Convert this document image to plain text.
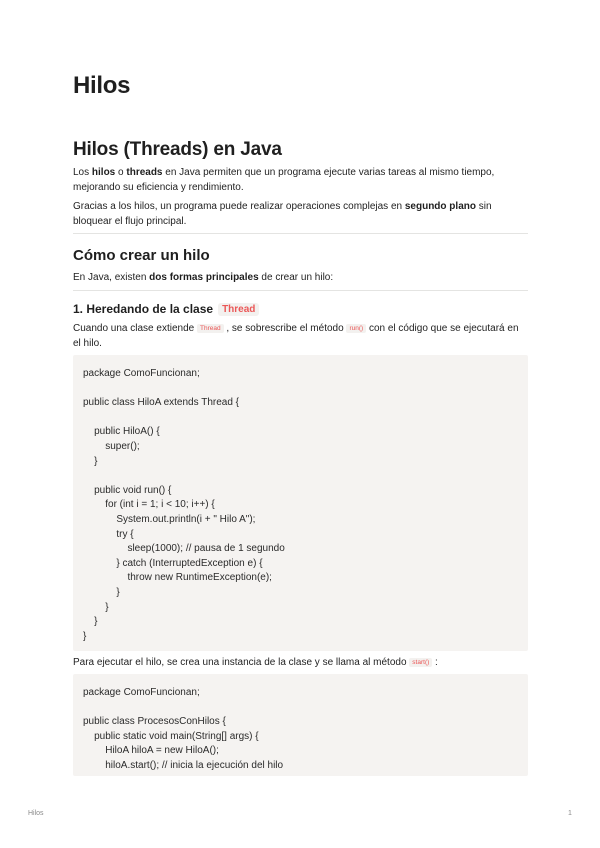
Hilos
Hilos (Threads) en Java

Los hilos o threads en Java permiten que un programa ejecute varias tareas al mismo tiempo, mejorando su eficiencia y rendimiento.

Gracias a los hilos, un programa puede realizar operaciones complejas en segundo plano sin bloquear el flujo principal.

Cómo crear un hilo

En Java, existen dos formas principales de crear un hilo:

1. Heredando de la clase Thread

Cuando una clase extiende Thread , se sobrescribe el método run() con el código que se ejecutará en el hilo.

package ComoFuncionan;
public class HiloA extends Thread {
public HiloA() {
super();
}
public void run() {
for (int i = 1; i < 10; i++) {
System.out.println(i + " Hilo A");
try {
sleep(1000); // pausa de 1 segundo
} catch (InterruptedException e) {
throw new RuntimeException(e);
}
}
}
}

Para ejecutar el hilo, se crea una instancia de la clase y se llama al método start() :

package ComoFuncionan;
public class ProcesosConHilos {
public static void main(String[] args) {
HiloA hiloA = new HiloA();
hiloA.start(); // inicia la ejecución del hilo
Hilos	1
